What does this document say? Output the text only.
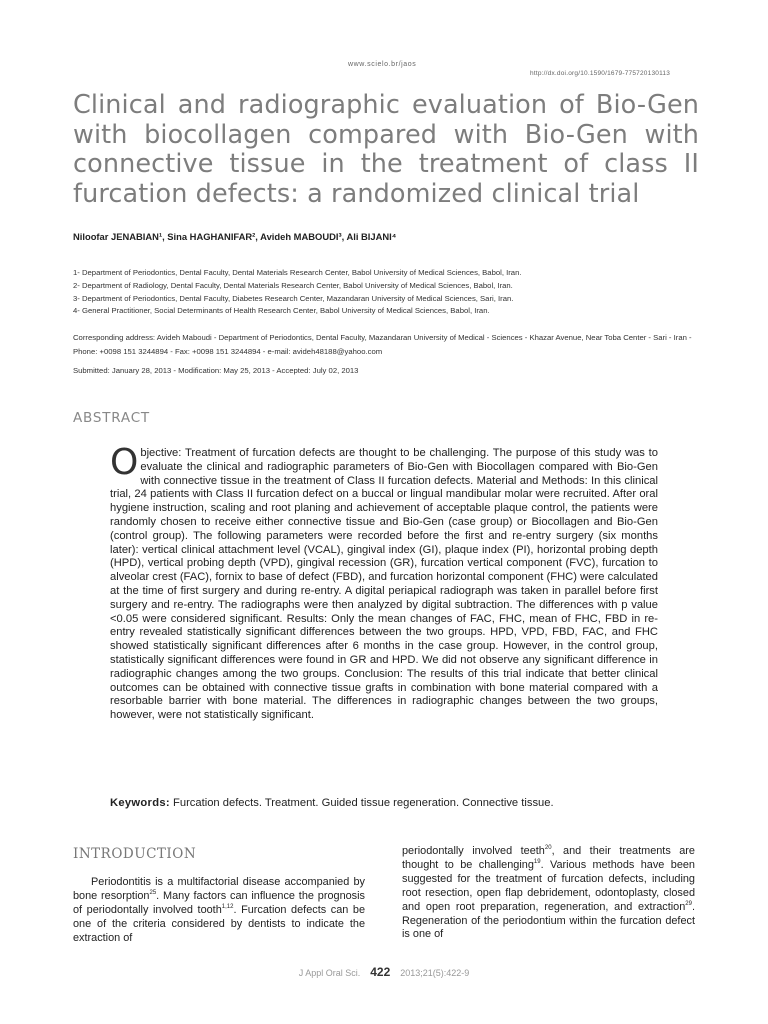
www.scielo.br/jaos
http://dx.doi.org/10.1590/1679-775720130113
Clinical and radiographic evaluation of Bio-Gen with biocollagen compared with Bio-Gen with connective tissue in the treatment of class II furcation defects: a randomized clinical trial
Niloofar JENABIAN¹, Sina HAGHANIFAR², Avideh MABOUDI³, Ali BIJANI⁴
1- Department of Periodontics, Dental Faculty, Dental Materials Research Center, Babol University of Medical Sciences, Babol, Iran.
2- Department of Radiology, Dental Faculty, Dental Materials Research Center, Babol University of Medical Sciences, Babol, Iran.
3- Department of Periodontics, Dental Faculty, Diabetes Research Center, Mazandaran University of Medical Sciences, Sari, Iran.
4- General Practitioner, Social Determinants of Health Research Center, Babol University of Medical Sciences, Babol, Iran.
Corresponding address: Avideh Maboudi - Department of Periodontics, Dental Faculty, Mazandaran University of Medical - Sciences - Khazar Avenue, Near Toba Center - Sari - Iran - Phone: +0098 151 3244894 - Fax: +0098 151 3244894 - e-mail: avideh48188@yahoo.com
Submitted: January 28, 2013 - Modification: May 25, 2013 - Accepted: July 02, 2013
ABSTRACT
Objective: Treatment of furcation defects are thought to be challenging. The purpose of this study was to evaluate the clinical and radiographic parameters of Bio-Gen with Biocollagen compared with Bio-Gen with connective tissue in the treatment of Class II furcation defects. Material and Methods: In this clinical trial, 24 patients with Class II furcation defect on a buccal or lingual mandibular molar were recruited. After oral hygiene instruction, scaling and root planing and achievement of acceptable plaque control, the patients were randomly chosen to receive either connective tissue and Bio-Gen (case group) or Biocollagen and Bio-Gen (control group). The following parameters were recorded before the first and re-entry surgery (six months later): vertical clinical attachment level (VCAL), gingival index (GI), plaque index (PI), horizontal probing depth (HPD), vertical probing depth (VPD), gingival recession (GR), furcation vertical component (FVC), furcation to alveolar crest (FAC), fornix to base of defect (FBD), and furcation horizontal component (FHC) were calculated at the time of first surgery and during re-entry. A digital periapical radiograph was taken in parallel before first surgery and re-entry. The radiographs were then analyzed by digital subtraction. The differences with p value <0.05 were considered significant. Results: Only the mean changes of FAC, FHC, mean of FHC, FBD in re-entry revealed statistically significant differences between the two groups. HPD, VPD, FBD, FAC, and FHC showed statistically significant differences after 6 months in the case group. However, in the control group, statistically significant differences were found in GR and HPD. We did not observe any significant difference in radiographic changes among the two groups. Conclusion: The results of this trial indicate that better clinical outcomes can be obtained with connective tissue grafts in combination with bone material compared with a resorbable barrier with bone material. The differences in radiographic changes between the two groups, however, were not statistically significant.
Keywords: Furcation defects. Treatment. Guided tissue regeneration. Connective tissue.
INTRODUCTION
Periodontitis is a multifactorial disease accompanied by bone resorption$^{25}$. Many factors can influence the prognosis of periodontally involved tooth$^{1,12}$. Furcation defects can be one of the criteria considered by dentists to indicate the extraction of
periodontally involved teeth$^{20}$, and their treatments are thought to be challenging$^{19}$. Various methods have been suggested for the treatment of furcation defects, including root resection, open flap debridement, odontoplasty, closed and open root preparation, regeneration, and extraction$^{29}$. Regeneration of the periodontium within the furcation defect is one of
J Appl Oral Sci. 422 2013;21(5):422-9
